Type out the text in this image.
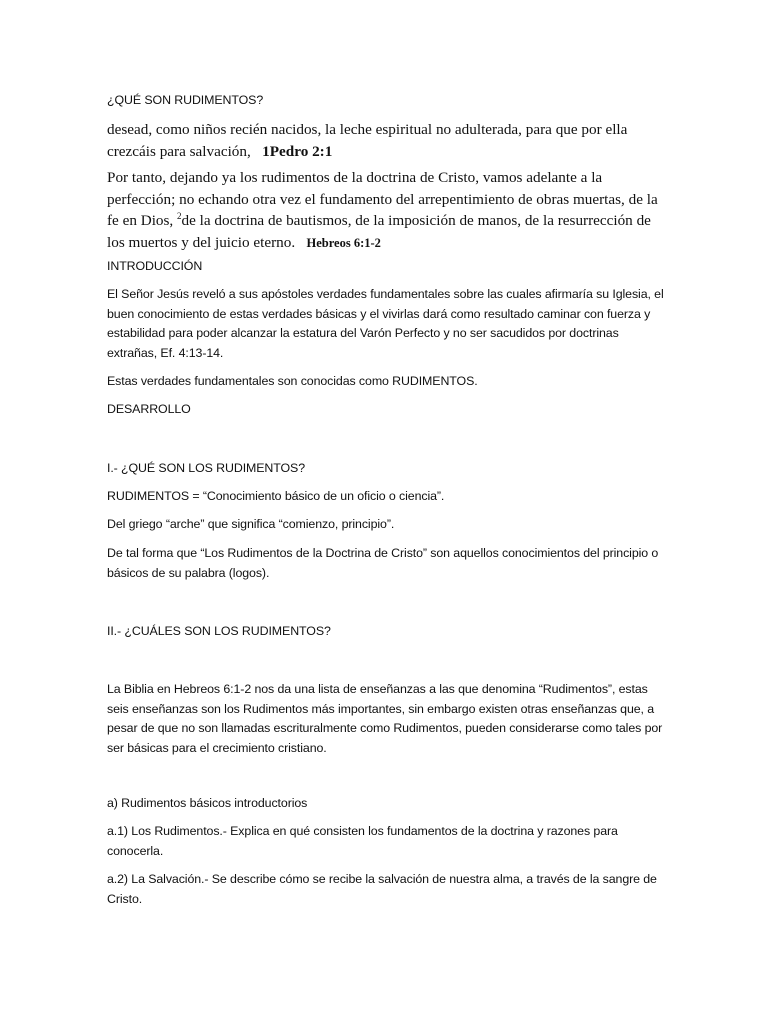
¿QUÉ SON RUDIMENTOS?

desead, como niños recién nacidos, la leche espiritual no adulterada, para que por ella crezcáis para salvación, 1Pedro 2:1

Por tanto, dejando ya los rudimentos de la doctrina de Cristo, vamos adelante a la perfección; no echando otra vez el fundamento del arrepentimiento de obras muertas, de la fe en Dios, $^2$de la doctrina de bautismos, de la imposición de manos, de la resurrección de los muertos y del juicio eterno. Hebreos 6:1-2

INTRODUCCIÓN

El Señor Jesús reveló a sus apóstoles verdades fundamentales sobre las cuales afirmaría su Iglesia, el buen conocimiento de estas verdades básicas y el vivirlas dará como resultado caminar con fuerza y estabilidad para poder alcanzar la estatura del Varón Perfecto y no ser sacudidos por doctrinas extrañas, Ef. 4:13-14.

Estas verdades fundamentales son conocidas como RUDIMENTOS.

DESARROLLO

I.- ¿QUÉ SON LOS RUDIMENTOS?

RUDIMENTOS = “Conocimiento básico de un oficio o ciencia”.

Del griego “arche” que significa “comienzo, principio”.

De tal forma que “Los Rudimentos de la Doctrina de Cristo” son aquellos conocimientos del principio o básicos de su palabra (logos).

II.- ¿CUÁLES SON LOS RUDIMENTOS?

La Biblia en Hebreos 6:1-2 nos da una lista de enseñanzas a las que denomina “Rudimentos”, estas seis enseñanzas son los Rudimentos más importantes, sin embargo existen otras enseñanzas que, a pesar de que no son llamadas escrituralmente como Rudimentos, pueden considerarse como tales por ser básicas para el crecimiento cristiano.

a) Rudimentos básicos introductorios

a.1) Los Rudimentos.- Explica en qué consisten los fundamentos de la doctrina y razones para conocerla.

a.2) La Salvación.- Se describe cómo se recibe la salvación de nuestra alma, a través de la sangre de Cristo.
